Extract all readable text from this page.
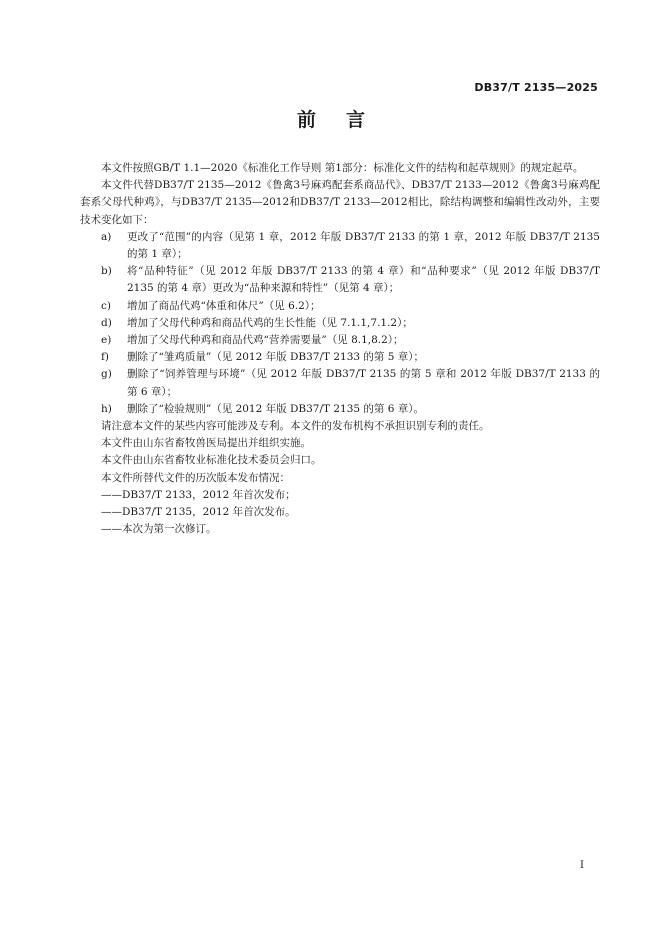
DB37/T 2135—2025
前言

本文件按照GB/T 1.1—2020《标准化工作导则 第1部分：标准化文件的结构和起草规则》的规定起草。

本文件代替DB37/T 2135—2012《鲁禽3号麻鸡配套系商品代》、DB37/T 2133—2012《鲁禽3号麻鸡配套系父母代种鸡》，与DB37/T 2135—2012和DB37/T 2133—2012相比，除结构调整和编辑性改动外，主要技术变化如下：

a)	更改了“范围”的内容（见第 1 章，2012 年版 DB37/T 2133 的第 1 章，2012 年版 DB37/T 2135 的第 1 章）；
b)	将“品种特征”（见 2012 年版 DB37/T 2133 的第 4 章）和“品种要求”（见 2012 年版 DB37/T 2135 的第 4 章）更改为“品种来源和特性”（见第 4 章）；
c)	增加了商品代鸡“体重和体尺”（见 6.2）；
d)	增加了父母代种鸡和商品代鸡的生长性能（见 7.1.1,7.1.2）；
e)	增加了父母代种鸡和商品代鸡“营养需要量”（见 8.1,8.2）；
f)	删除了“雏鸡质量”（见 2012 年版 DB37/T 2133 的第 5 章）；
g)	删除了“饲养管理与环境”（见 2012 年版 DB37/T 2135 的第 5 章和 2012 年版 DB37/T 2133 的第 6 章）；
h)	删除了“检验规则”（见 2012 年版 DB37/T 2135 的第 6 章）。

请注意本文件的某些内容可能涉及专利。本文件的发布机构不承担识别专利的责任。

本文件由山东省畜牧兽医局提出并组织实施。

本文件由山东省畜牧业标准化技术委员会归口。

本文件所替代文件的历次版本发布情况：

——DB37/T 2133，2012 年首次发布；

——DB37/T 2135，2012 年首次发布。

——本次为第一次修订。

I
